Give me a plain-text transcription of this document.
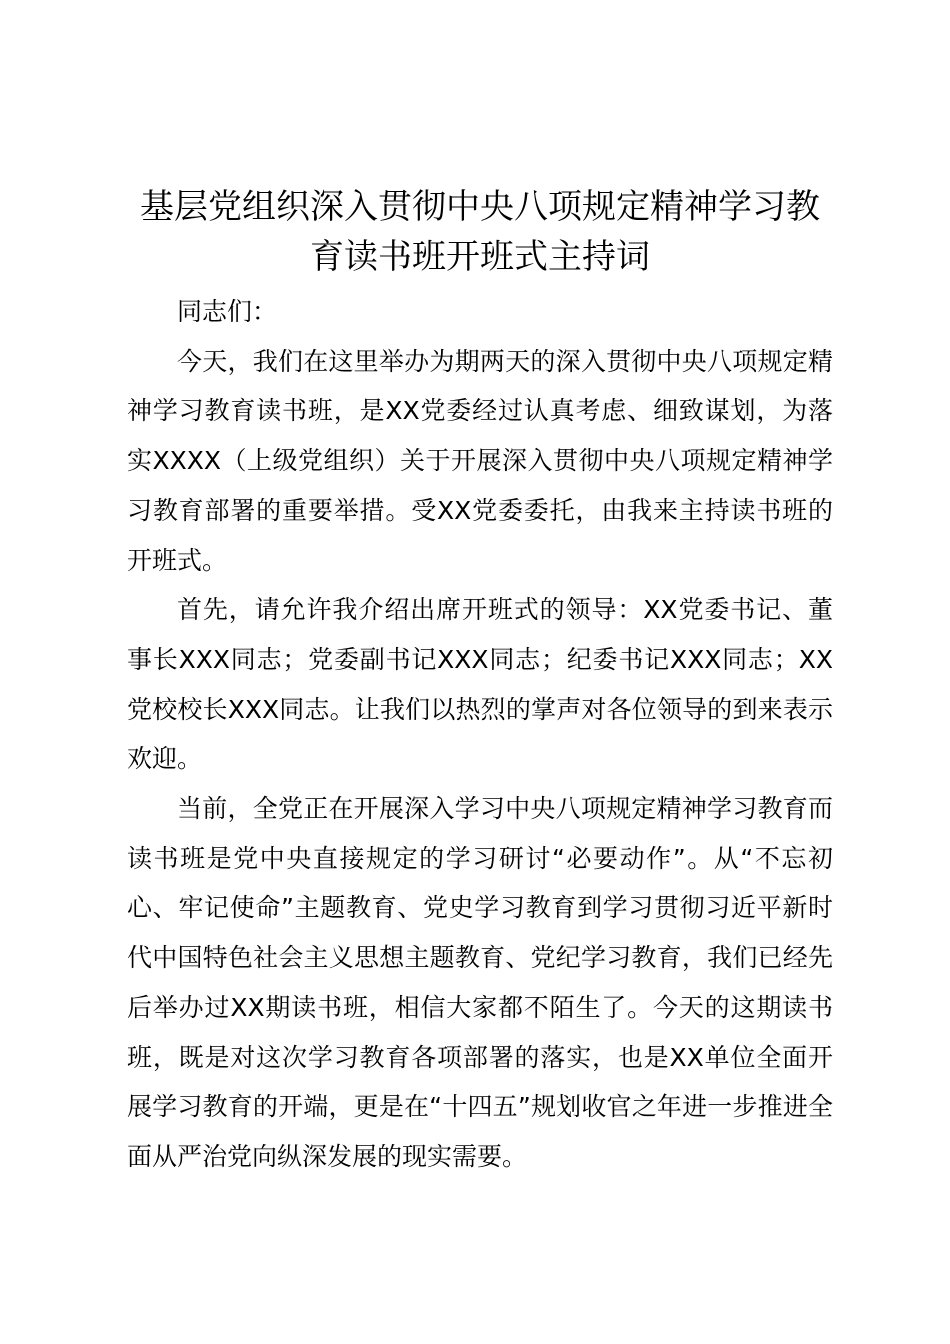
基层党组织深入贯彻中央八项规定精神学习教育读书班开班式主持词

同志们：

今天，我们在这里举办为期两天的深入贯彻中央八项规定精神学习教育读书班，是XX党委经过认真考虑、细致谋划，为落实XXXX（上级党组织）关于开展深入贯彻中央八项规定精神学习教育部署的重要举措。受XX党委委托，由我来主持读书班的开班式。

首先，请允许我介绍出席开班式的领导：XX党委书记、董事长XXX同志；党委副书记XXX同志；纪委书记XXX同志；XX党校校长XXX同志。让我们以热烈的掌声对各位领导的到来表示欢迎。

当前，全党正在开展深入学习中央八项规定精神学习教育而读书班是党中央直接规定的学习研讨“必要动作”。从“不忘初心、牢记使命”主题教育、党史学习教育到学习贯彻习近平新时代中国特色社会主义思想主题教育、党纪学习教育，我们已经先后举办过XX期读书班，相信大家都不陌生了。今天的这期读书班，既是对这次学习教育各项部署的落实，也是XX单位全面开展学习教育的开端，更是在“十四五”规划收官之年进一步推进全面从严治党向纵深发展的现实需要。
